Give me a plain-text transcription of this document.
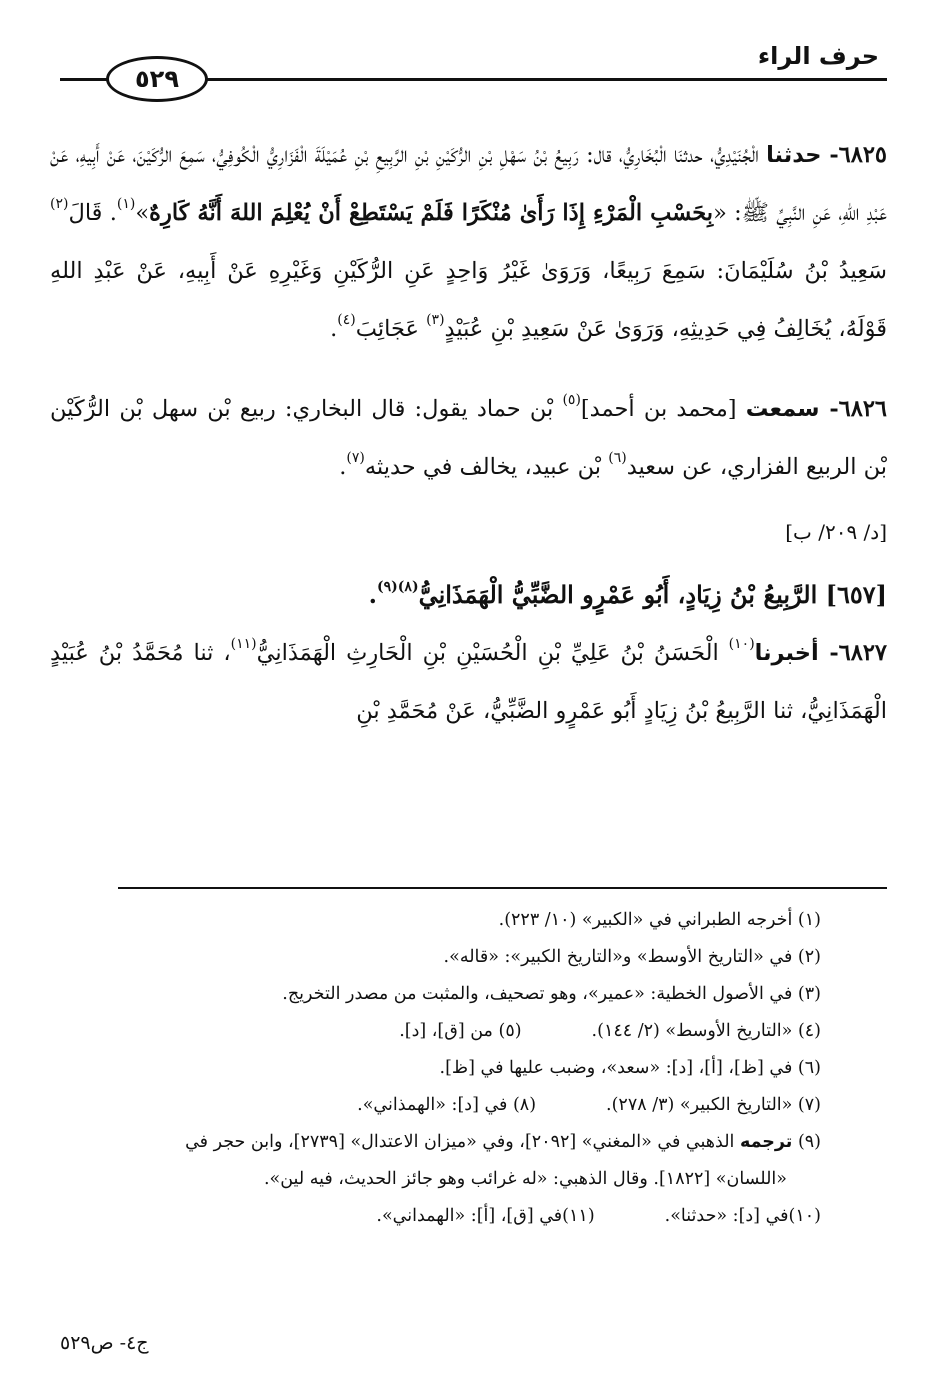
حرف الراء
٥٢٩

٦٨٢٥- حدثنا الْجُنَيْدِيُّ، حدثنَا الْبُخَارِيُّ، قال: رَبِيعُ بْنُ سَهْلِ بْنِ الرُّكَيْنِ بْنِ الرَّبِيعِ بْنِ عُمَيْلَةَ الْفَزَارِيُّ الْكُوفِيُّ، سَمِعَ الرُّكَيْنَ، عَنْ أَبِيهِ، عَنْ عَبْدِ اللهِ، عَنِ النَّبِيِّ ﷺ: «بِحَسْبِ الْمَرْءِ إِذَا رَأَىٰ مُنْكَرًا فَلَمْ يَسْتَطِعْ أَنْ يُعْلِمَ اللهَ أَنَّهُ كَارِهٌ»$^{(١)}$. قَالَ$^{(٢)}$ سَعِيدُ بْنُ سُلَيْمَانَ: سَمِعَ رَبِيعًا، وَرَوَىٰ غَيْرُ وَاحِدٍ عَنِ الرُّكَيْنِ وَغَيْرِهِ عَنْ أَبِيهِ، عَنْ عَبْدِ اللهِ قَوْلَهُ، يُخَالِفُ فِي حَدِيثِهِ، وَرَوَىٰ عَنْ سَعِيدِ بْنِ عُبَيْدٍ$^{(٣)}$ عَجَائِبَ$^{(٤)}$.

٦٨٢٦- سمعت [محمد بن أحمد]$^{(٥)}$ بْن حماد يقول: قال البخاري: ربيع بْن سهل بْن الرُّكَيْن بْن الربيع الفزاري، عن سعيد$^{(٦)}$ بْن عبيد، يخالف في حديثه$^{(٧)}$.

[د/ ٢٠٩/ ب]

[٦٥٧] الرَّبِيعُ بْنُ زِيَادٍ، أَبُو عَمْرٍو الضَّبِّيُّ الْهَمَذَانِيُّ$^{(٨)(٩)}$.

٦٨٢٧- أخبرنا$^{(١٠)}$ الْحَسَنُ بْنُ عَلِيِّ بْنِ الْحُسَيْنِ بْنِ الْحَارِثِ الْهَمَذَانِيُّ$^{(١١)}$، ثنا مُحَمَّدُ بْنُ عُبَيْدٍ الْهَمَذَانِيُّ، ثنا الرَّبِيعُ بْنُ زِيَادٍ أَبُو عَمْرٍو الضَّبِّيُّ، عَنْ مُحَمَّدِ بْنِ

(١) أخرجه الطبراني في «الكبير» (١٠/ ٢٢٣).
(٢) في «التاريخ الأوسط» و«التاريخ الكبير»: «قاله».
(٣) في الأصول الخطية: «عمير»، وهو تصحيف، والمثبت من مصدر التخريج.
(٤) «التاريخ الأوسط» (٢/ ١٤٤).
(٥) من [ق]، [د].
(٦) في [ظ]، [أ]، [د]: «سعد»، وضبب عليها في [ظ].
(٧) «التاريخ الكبير» (٣/ ٢٧٨).
(٨) في [د]: «الهمذاني».
(٩) ترجمه الذهبي في «المغني» [٢٠٩٢]، وفي «ميزان الاعتدال» [٢٧٣٩]، وابن حجر في
«اللسان» [١٨٢٢]. وقال الذهبي: «له غرائب وهو جائز الحديث، فيه لين».
(١٠)في [د]: «حدثنا».
(١١)في [ق]، [أ]: «الهمداني».
ج٤- ص٥٢٩
